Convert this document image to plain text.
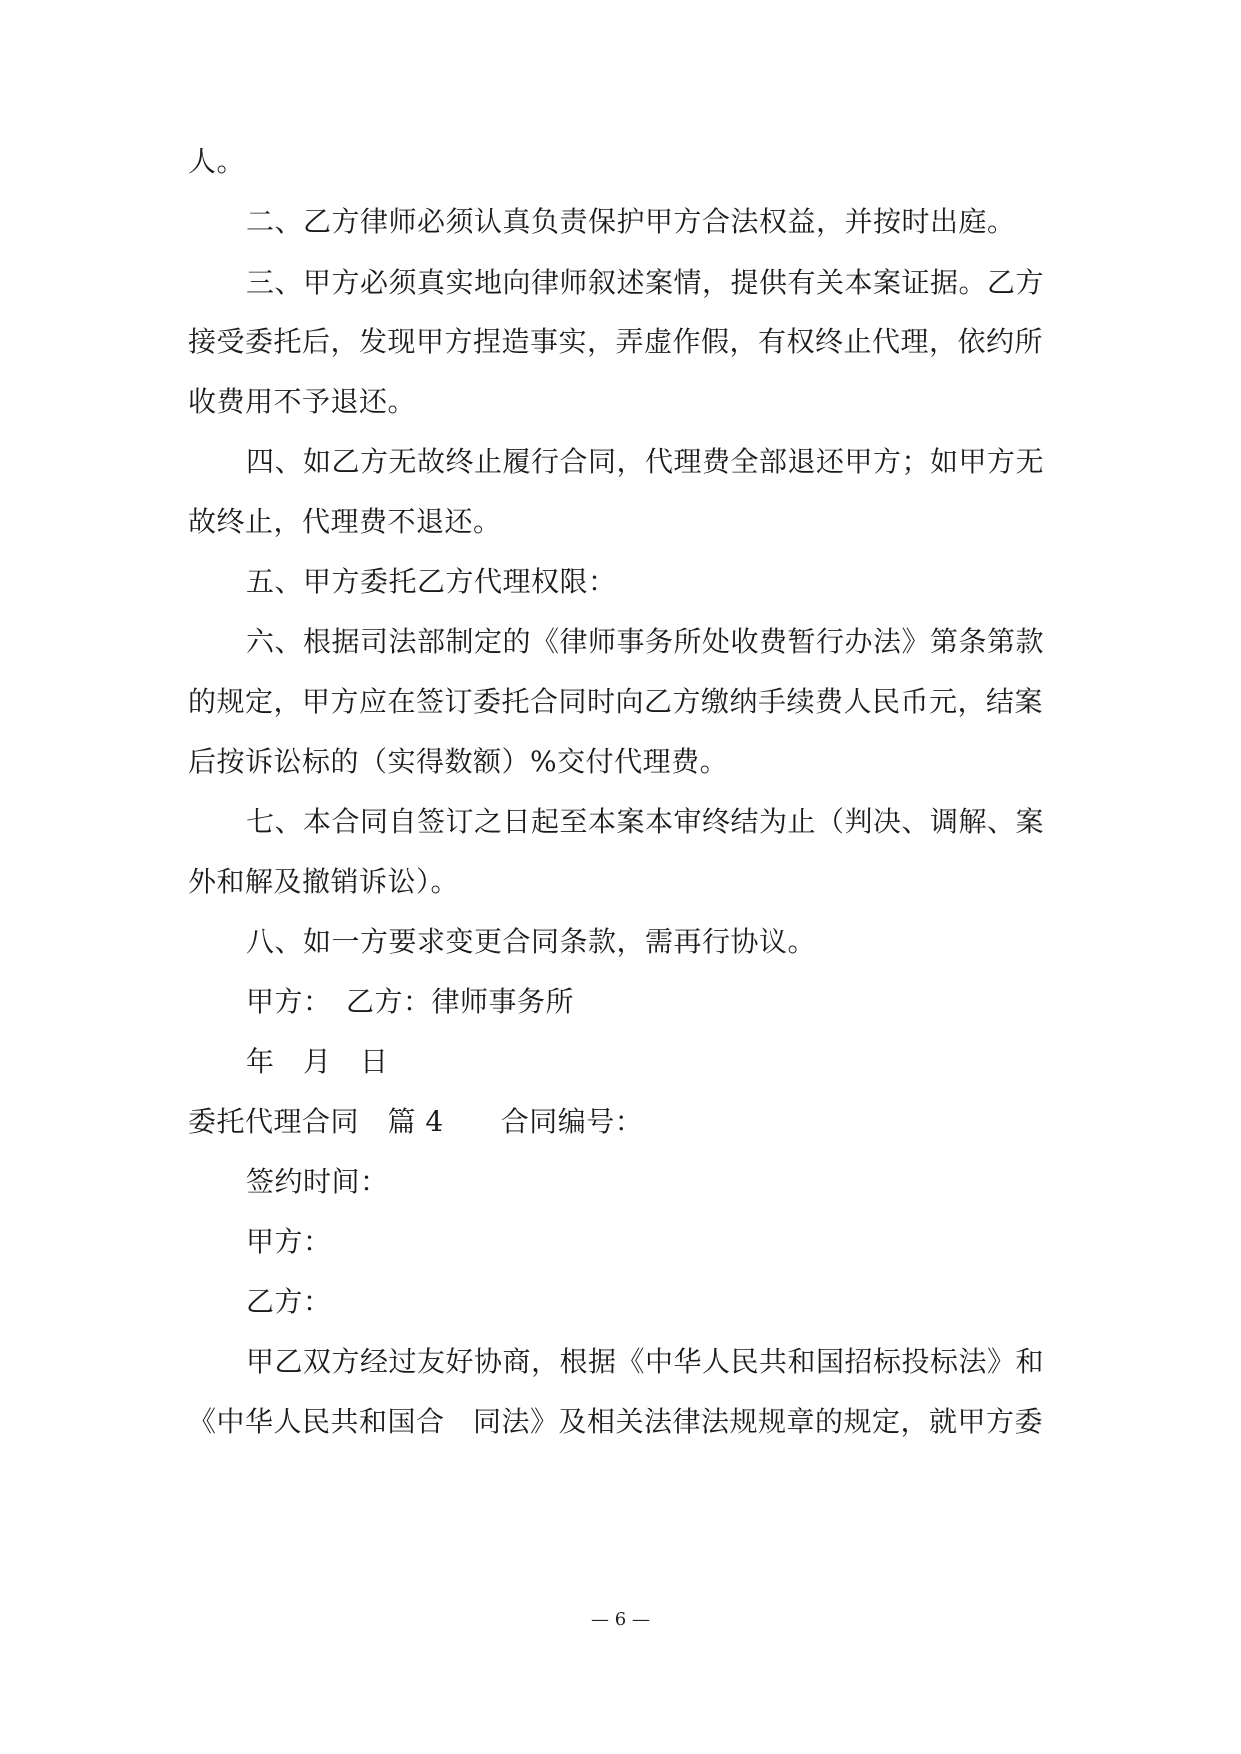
人。
二、乙方律师必须认真负责保护甲方合法权益，并按时出庭。
三、甲方必须真实地向律师叙述案情，提供有关本案证据。乙方
接受委托后，发现甲方捏造事实，弄虚作假，有权终止代理，依约所
收费用不予退还。
四、如乙方无故终止履行合同，代理费全部退还甲方；如甲方无
故终止，代理费不退还。
五、甲方委托乙方代理权限：
六、根据司法部制定的《律师事务所处收费暂行办法》第条第款
的规定，甲方应在签订委托合同时向乙方缴纳手续费人民币元，结案
后按诉讼标的（实得数额）%交付代理费。
七、本合同自签订之日起至本案本审终结为止（判决、调解、案
外和解及撤销诉讼）。
八、如一方要求变更合同条款，需再行协议。
甲方：　乙方：律师事务所
年　月　日
委托代理合同　篇 4　　合同编号：
签约时间：
甲方：
乙方：
甲乙双方经过友好协商，根据《中华人民共和国招标投标法》和
《中华人民共和国合　同法》及相关法律法规规章的规定，就甲方委
— 6 —
